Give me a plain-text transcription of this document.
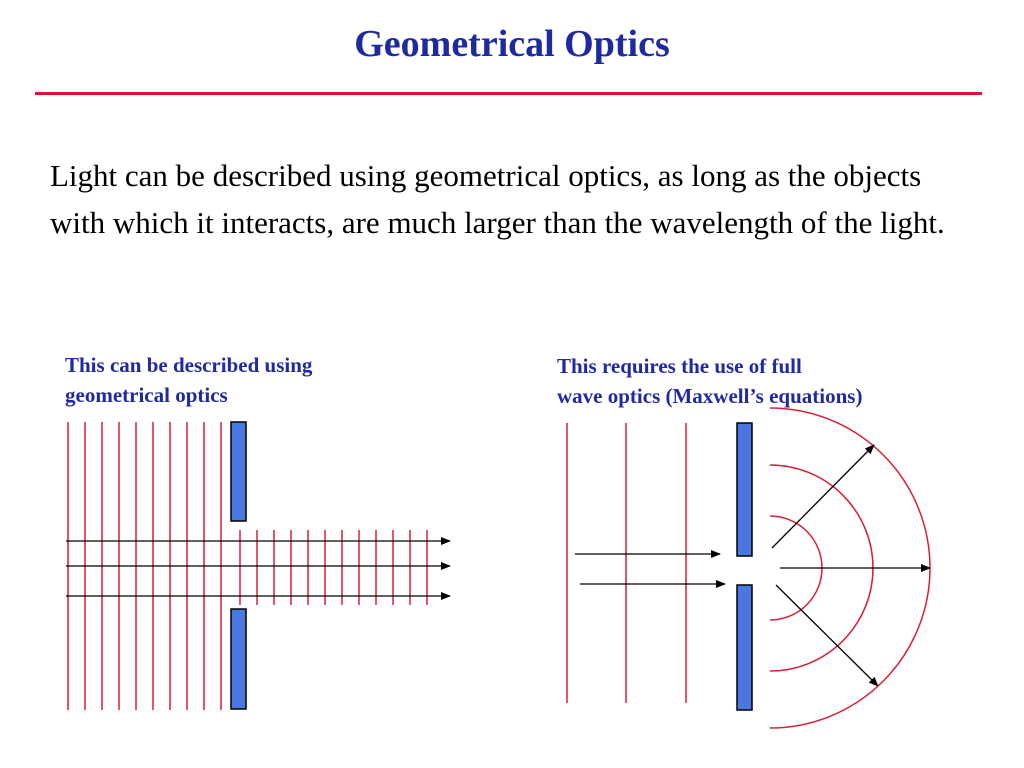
Geometrical Optics
Light can be described using geometrical optics, as long as the objects with which it interacts, are much larger than the wavelength of the light.
This can be described using
geometrical optics
This requires the use of full
wave optics (Maxwell’s equations)
